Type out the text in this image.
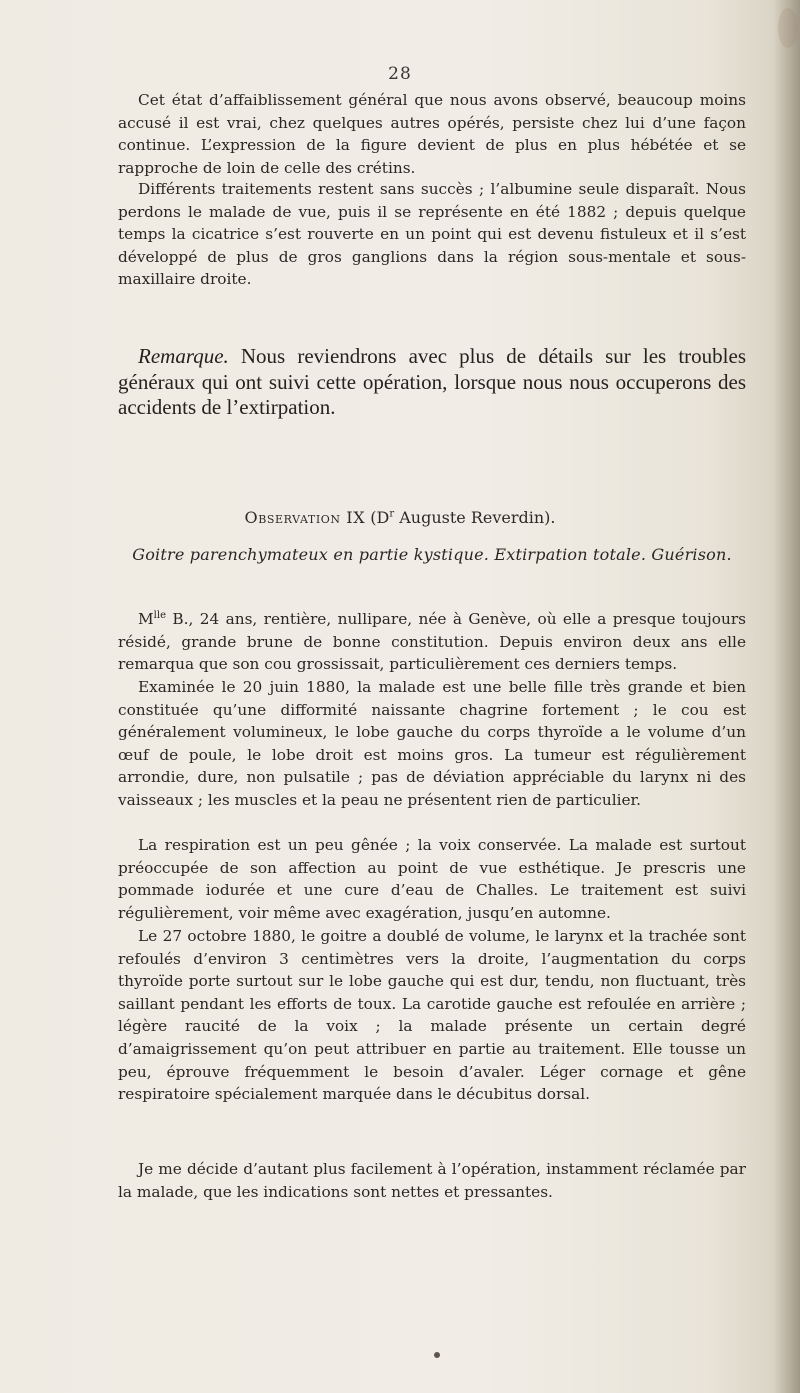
28

Cet état d’affaiblissement général que nous avons observé, beaucoup moins accusé il est vrai, chez quelques autres opérés, persiste chez lui d’une façon continue. L’expression de la figure devient de plus en plus hébétée et se rapproche de loin de celle des crétins.

Différents traitements restent sans succès ; l’albumine seule disparaît. Nous perdons le malade de vue, puis il se représente en été 1882 ; depuis quelque temps la cicatrice s’est rouverte en un point qui est devenu fistuleux et il s’est développé de plus de gros ganglions dans la région sous-mentale et sous-maxillaire droite.

Remarque. Nous reviendrons avec plus de détails sur les troubles généraux qui ont suivi cette opération, lorsque nous nous occuperons des accidents de l’extirpation.

Observation IX ($D^r$ Auguste Reverdin).

Goitre parenchymateux en partie kystique. Extirpation totale. Guérison.

$M^{lle}$ B., 24 ans, rentière, nullipare, née à Genève, où elle a presque toujours résidé, grande brune de bonne constitution. Depuis environ deux ans elle remarqua que son cou grossissait, particulièrement ces derniers temps.

Examinée le 20 juin 1880, la malade est une belle fille très grande et bien constituée qu’une difformité naissante chagrine fortement ; le cou est généralement volumineux, le lobe gauche du corps thyroïde a le volume d’un œuf de poule, le lobe droit est moins gros. La tumeur est régulièrement arrondie, dure, non pulsatile ; pas de déviation appréciable du larynx ni des vaisseaux ; les muscles et la peau ne présentent rien de particulier.

La respiration est un peu gênée ; la voix conservée. La malade est surtout préoccupée de son affection au point de vue esthétique. Je prescris une pommade iodurée et une cure d’eau de Challes. Le traitement est suivi régulièrement, voir même avec exagération, jusqu’en automne.

Le 27 octobre 1880, le goitre a doublé de volume, le larynx et la trachée sont refoulés d’environ 3 centimètres vers la droite, l’augmentation du corps thyroïde porte surtout sur le lobe gauche qui est dur, tendu, non fluctuant, très saillant pendant les efforts de toux. La carotide gauche est refoulée en arrière ; légère raucité de la voix ; la malade présente un certain degré d’amaigrissement qu’on peut attribuer en partie au traitement. Elle tousse un peu, éprouve fréquemment le besoin d’avaler. Léger cornage et gêne respiratoire spécialement marquée dans le décubitus dorsal.

Je me décide d’autant plus facilement à l’opération, instamment réclamée par la malade, que les indications sont nettes et pressantes.
